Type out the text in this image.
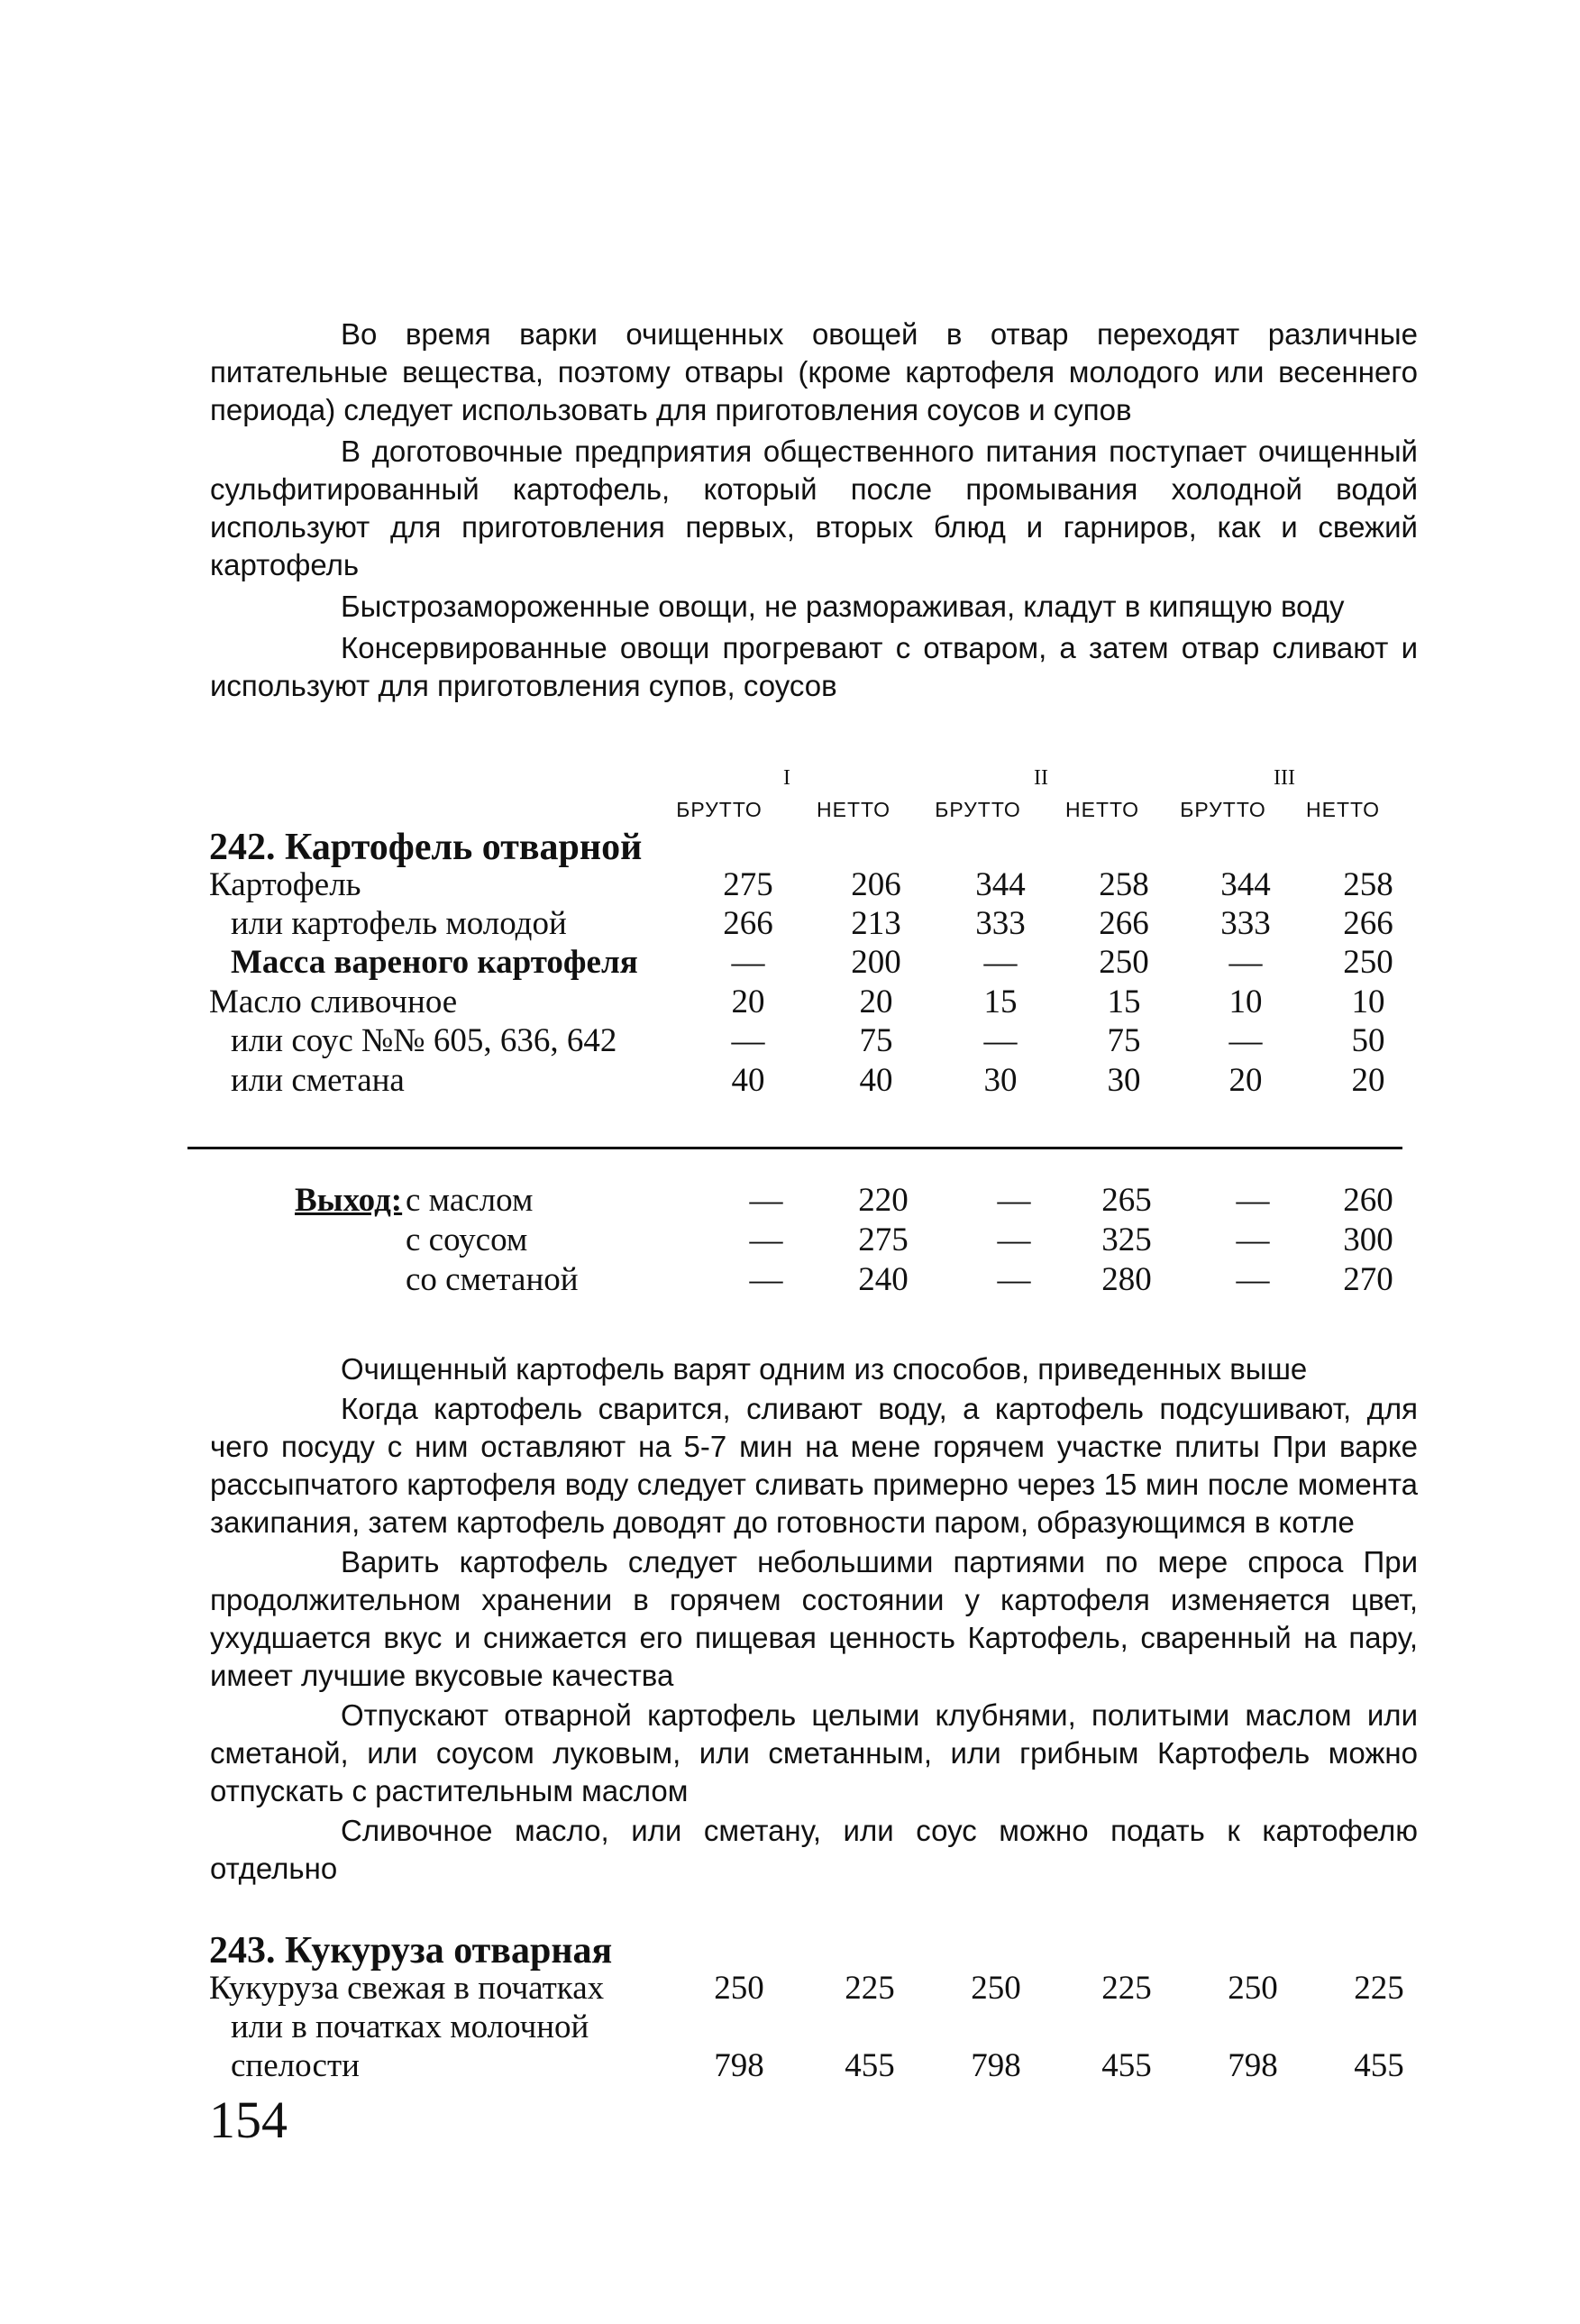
Во время варки очищенных овощей в отвар переходят различные питательные вещества, поэтому отвары (кроме картофеля молодого или весеннего периода) следует использовать для приготовления соусов и супов

В доготовочные предприятия общественного питания поступает очищенный сульфитированный картофель, который после промывания холодной водой используют для приготовления первых, вторых блюд и гарниров, как и свежий картофель

Быстрозамороженные овощи, не размораживая, кладут в кипящую воду

Консервированные овощи прогревают с отваром, а затем отвар сливают и используют для приготовления супов, соусов

I	II	III
БРУТТО	НЕТТО	БРУТТО	НЕТТО	БРУТТО	НЕТТО
242. Картофель отварной
Картофель	275	206	344	258	344	258
или картофель молодой	266	213	333	266	333	266
Масса вареного картофеля	—	200	—	250	—	250
Масло сливочное	20	20	15	15	10	10
или соус №№ 605, 636, 642	—	75	—	75	—	50
или сметана	40	40	30	30	20	20
Выход: с маслом	—	220	—	265	—	260
с соусом	—	275	—	325	—	300
со сметаной	—	240	—	280	—	270

Очищенный картофель варят одним из способов, приведенных выше

Когда картофель сварится, сливают воду, а картофель подсушивают, для чего посуду с ним оставляют на 5-7 мин на мене горячем участке плиты При варке рассыпчатого картофеля воду следует сливать примерно через 15 мин после момента закипания, затем картофель доводят до готовности паром, образующимся в котле

Варить картофель следует небольшими партиями по мере спроса При продолжительном хранении в горячем состоянии у картофеля изменяется цвет, ухудшается вкус и снижается его пищевая ценность Картофель, сваренный на пару, имеет лучшие вкусовые качества

Отпускают отварной картофель целыми клубнями, политыми маслом или сметаной, или соусом луковым, или сметанным, или грибным Картофель можно отпускать с растительным маслом

Сливочное масло, или сметану, или соус можно подать к картофелю отдельно

243. Кукуруза отварная
Кукуруза свежая в початках	250	225	250	225	250	225
или в початках молочной
спелости	798	455	798	455	798	455
154
